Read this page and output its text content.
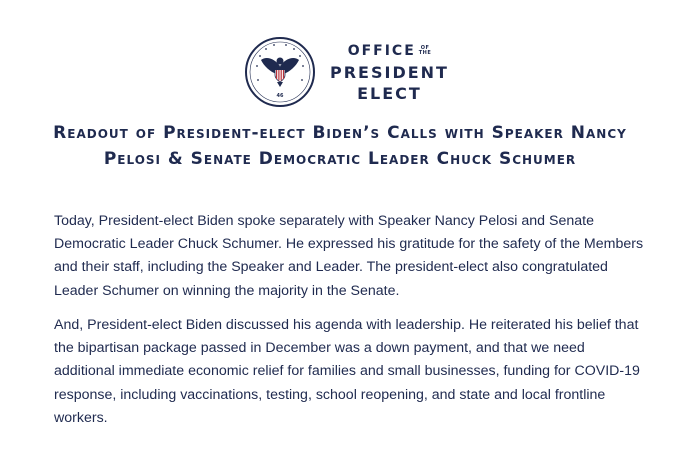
46
OFFICE OF
THE
PRESIDENT
ELECT
Readout of President-elect Biden’s Calls with Speaker Nancy Pelosi & Senate Democratic Leader Chuck Schumer

Today, President-elect Biden spoke separately with Speaker Nancy Pelosi and Senate Democratic Leader Chuck Schumer. He expressed his gratitude for the safety of the Members and their staff, including the Speaker and Leader. The president-elect also congratulated Leader Schumer on winning the majority in the Senate.

And, President-elect Biden discussed his agenda with leadership. He reiterated his belief that the bipartisan package passed in December was a down payment, and that we need additional immediate economic relief for families and small businesses, funding for COVID-19 response, including vaccinations, testing, school reopening, and state and local frontline workers.
